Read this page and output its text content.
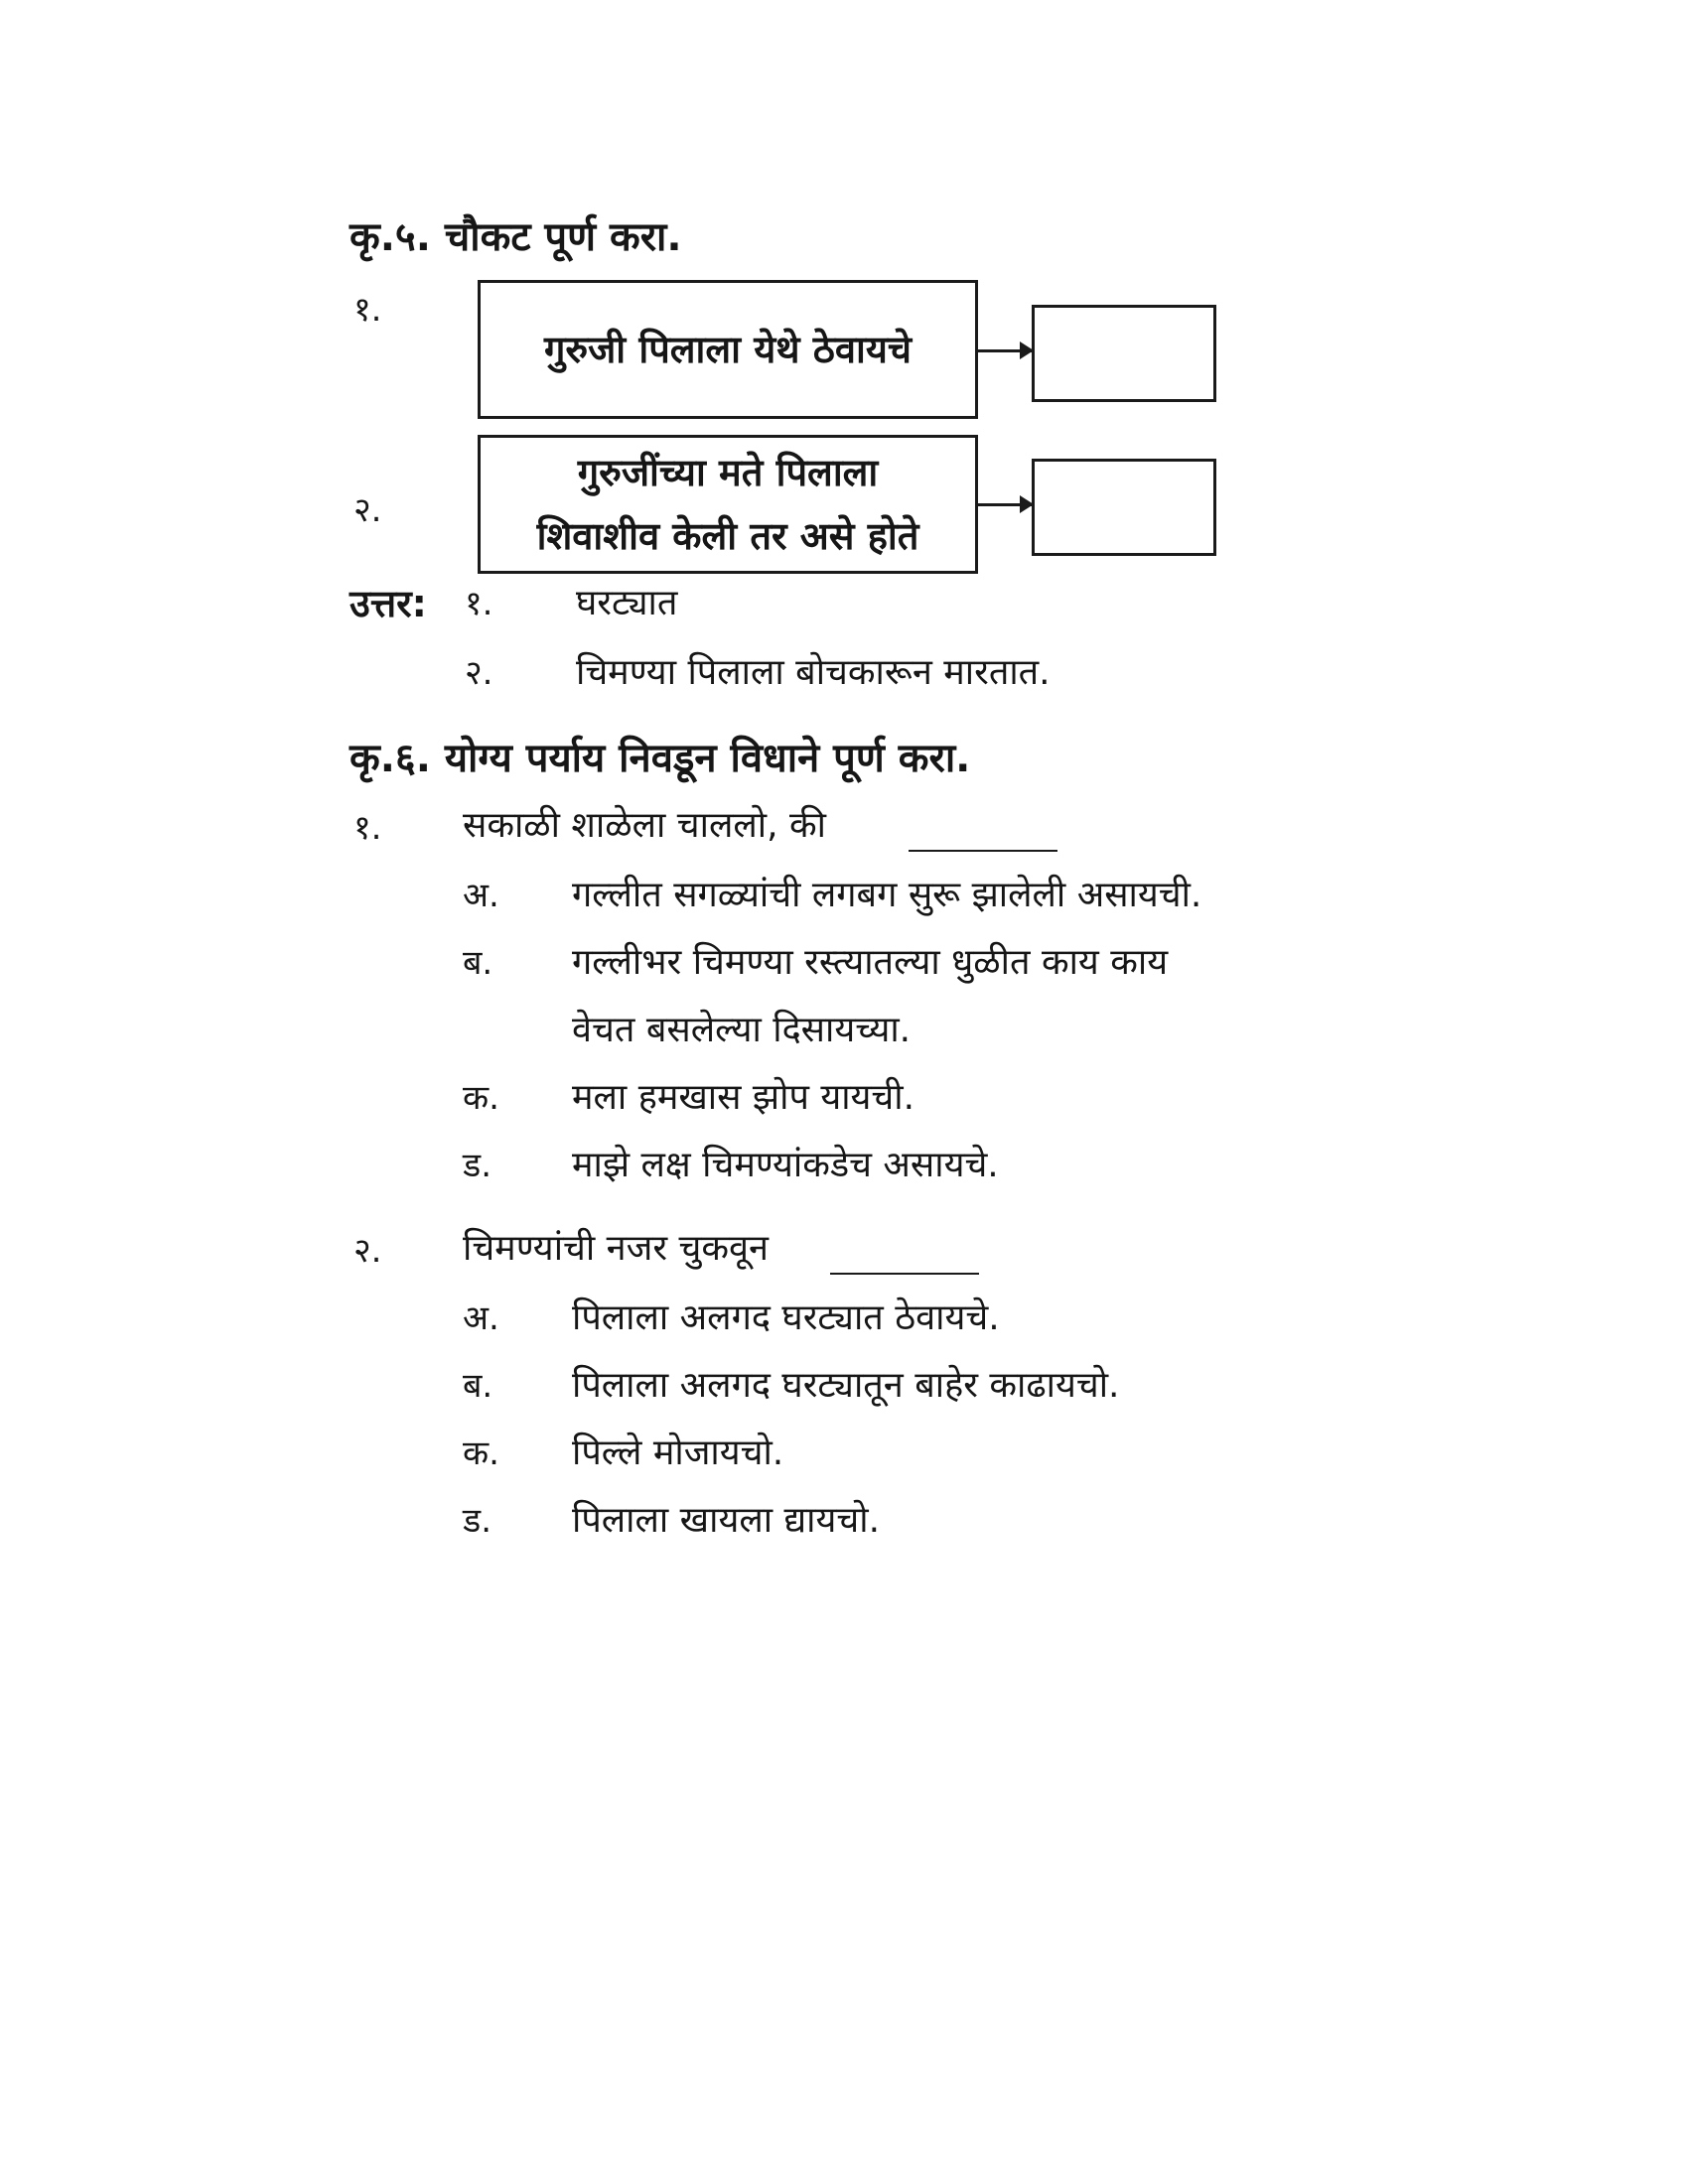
कृ.५. चौकट पूर्ण करा.
१.
गुरुजी पिलाला येथे ठेवायचे
२.
गुरुजींच्या मते पिलाला
शिवाशीव केली तर असे होते
उत्तर: १. घरट्यात
२. चिमण्या पिलाला बोचकारून मारतात.
कृ.६. योग्य पर्याय निवडून विधाने पूर्ण करा.
१. सकाळी शाळेला चाललो, की
अ. गल्लीत सगळ्यांची लगबग सुरू झालेली असायची.
ब. गल्लीभर चिमण्या रस्त्यातल्या धुळीत काय काय
वेचत बसलेल्या दिसायच्या.
क. मला हमखास झोप यायची.
ड. माझे लक्ष चिमण्यांकडेच असायचे.
२. चिमण्यांची नजर चुकवून
अ. पिलाला अलगद घरट्यात ठेवायचे.
ब. पिलाला अलगद घरट्यातून बाहेर काढायचो.
क. पिल्ले मोजायचो.
ड. पिलाला खायला द्यायचो.
